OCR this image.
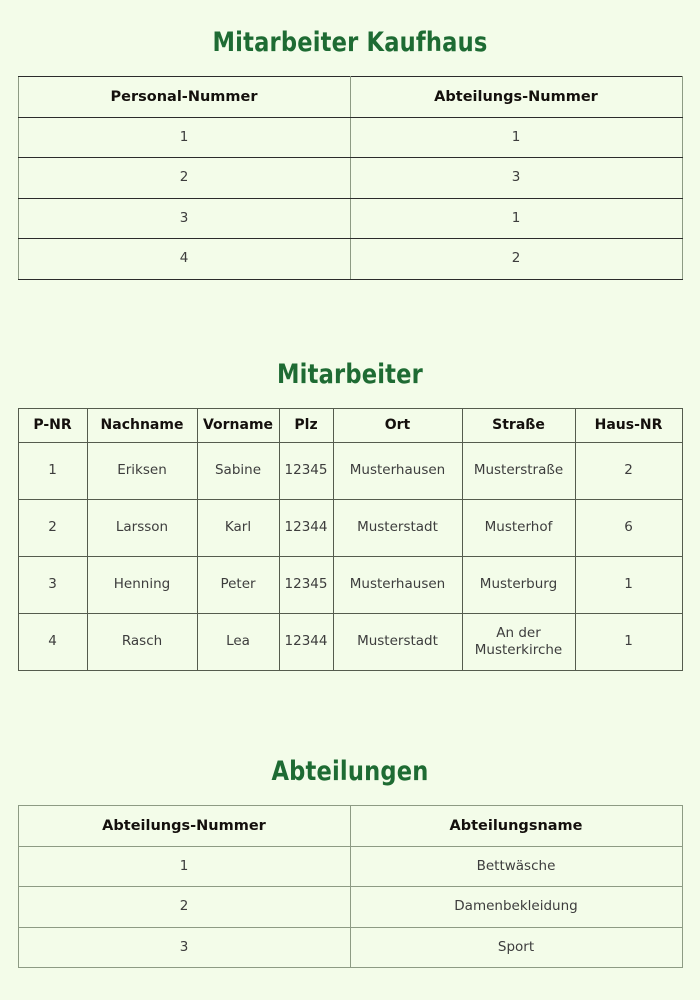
Mitarbeiter Kaufhaus
Personal-Nummer	Abteilungs-Nummer
1	1
2	3
3	1
4	2
Mitarbeiter
P-NR	Nachname	Vorname	Plz	Ort	Straße	Haus-NR
1	Eriksen	Sabine	12345	Musterhausen	Musterstraße	2
2	Larsson	Karl	12344	Musterstadt	Musterhof	6
3	Henning	Peter	12345	Musterhausen	Musterburg	1
4	Rasch	Lea	12344	Musterstadt	An der Musterkirche	1
Abteilungen
Abteilungs-Nummer	Abteilungsname
1	Bettwäsche
2	Damenbekleidung
3	Sport
